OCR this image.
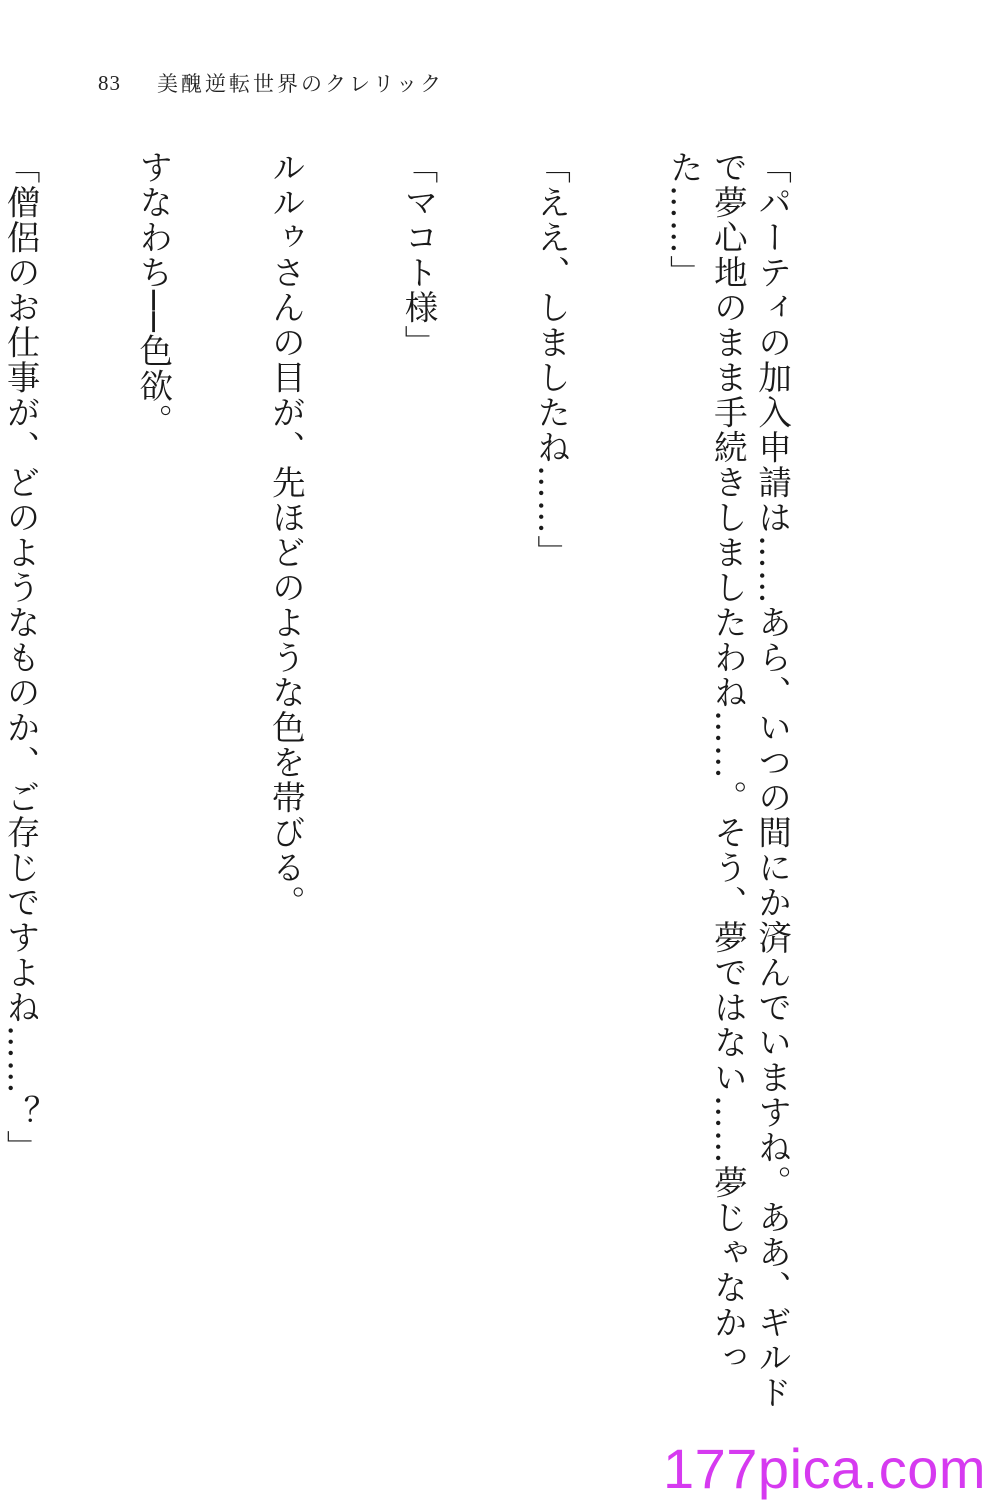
83 美醜逆転世界のクレリック

「パーティの加入申請は……あら、いつの間にか済んでいますね。ああ、ギルドで夢心地のまま手続きしましたわね……。そう、夢ではない……夢じゃなかった……」

「ええ、しましたね……」

「マコト様」

ルルゥさんの目が、先ほどのような色を帯びる。

すなわち──色欲。

「僧侶のお仕事が、どのようなものか、ご存じですよね……？」

177pica.com
